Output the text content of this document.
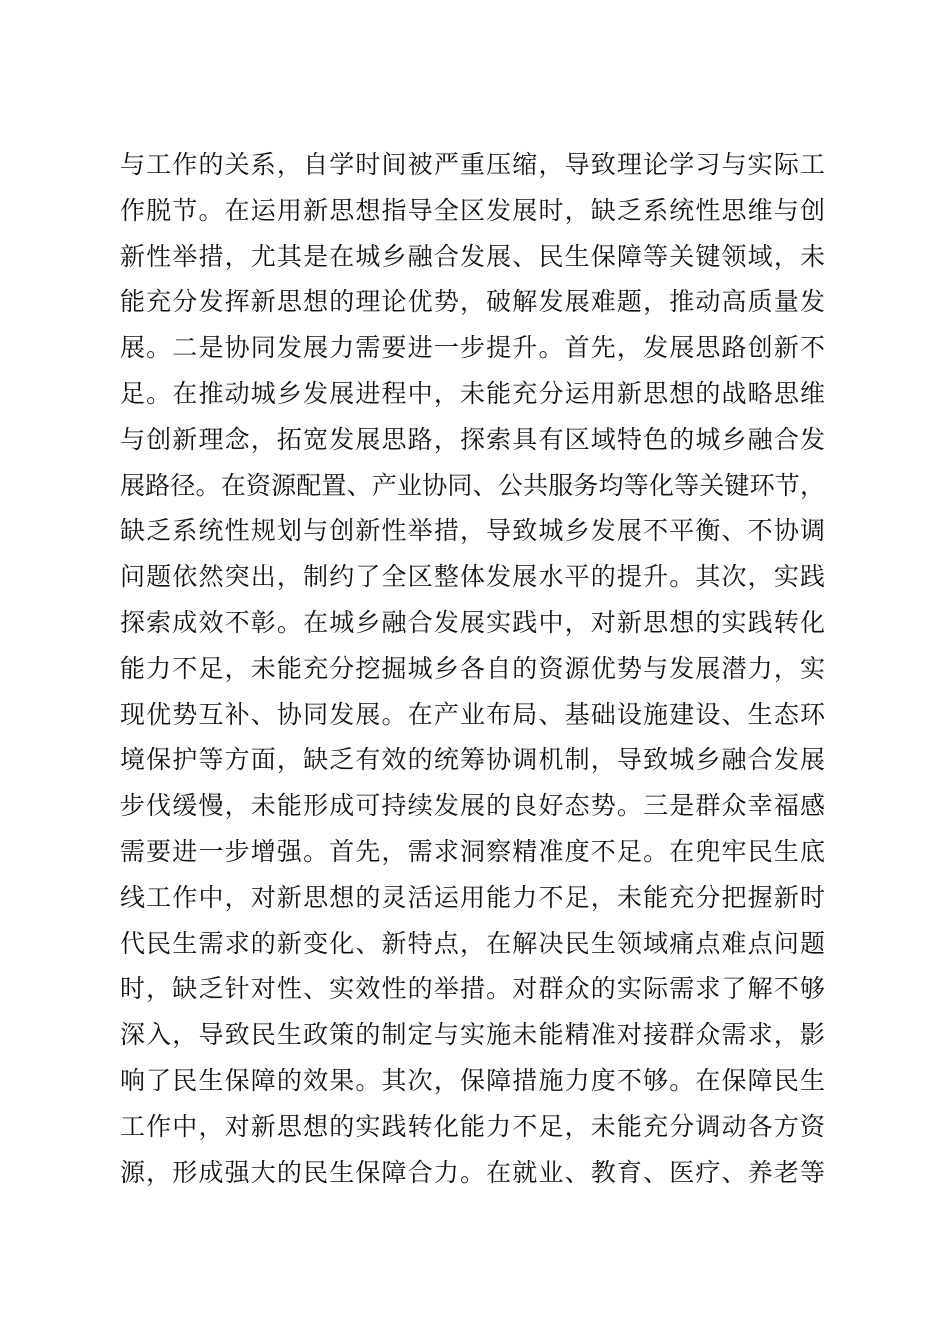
与工作的关系，自学时间被严重压缩，导致理论学习与实际工
作脱节。在运用新思想指导全区发展时，缺乏系统性思维与创
新性举措，尤其是在城乡融合发展、民生保障等关键领域，未
能充分发挥新思想的理论优势，破解发展难题，推动高质量发
展。二是协同发展力需要进一步提升。首先，发展思路创新不
足。在推动城乡发展进程中，未能充分运用新思想的战略思维
与创新理念，拓宽发展思路，探索具有区域特色的城乡融合发
展路径。在资源配置、产业协同、公共服务均等化等关键环节，
缺乏系统性规划与创新性举措，导致城乡发展不平衡、不协调
问题依然突出，制约了全区整体发展水平的提升。其次，实践
探索成效不彰。在城乡融合发展实践中，对新思想的实践转化
能力不足，未能充分挖掘城乡各自的资源优势与发展潜力，实
现优势互补、协同发展。在产业布局、基础设施建设、生态环
境保护等方面，缺乏有效的统筹协调机制，导致城乡融合发展
步伐缓慢，未能形成可持续发展的良好态势。三是群众幸福感
需要进一步增强。首先，需求洞察精准度不足。在兜牢民生底
线工作中，对新思想的灵活运用能力不足，未能充分把握新时
代民生需求的新变化、新特点，在解决民生领域痛点难点问题
时，缺乏针对性、实效性的举措。对群众的实际需求了解不够
深入，导致民生政策的制定与实施未能精准对接群众需求，影
响了民生保障的效果。其次，保障措施力度不够。在保障民生
工作中，对新思想的实践转化能力不足，未能充分调动各方资
源，形成强大的民生保障合力。在就业、教育、医疗、养老等
